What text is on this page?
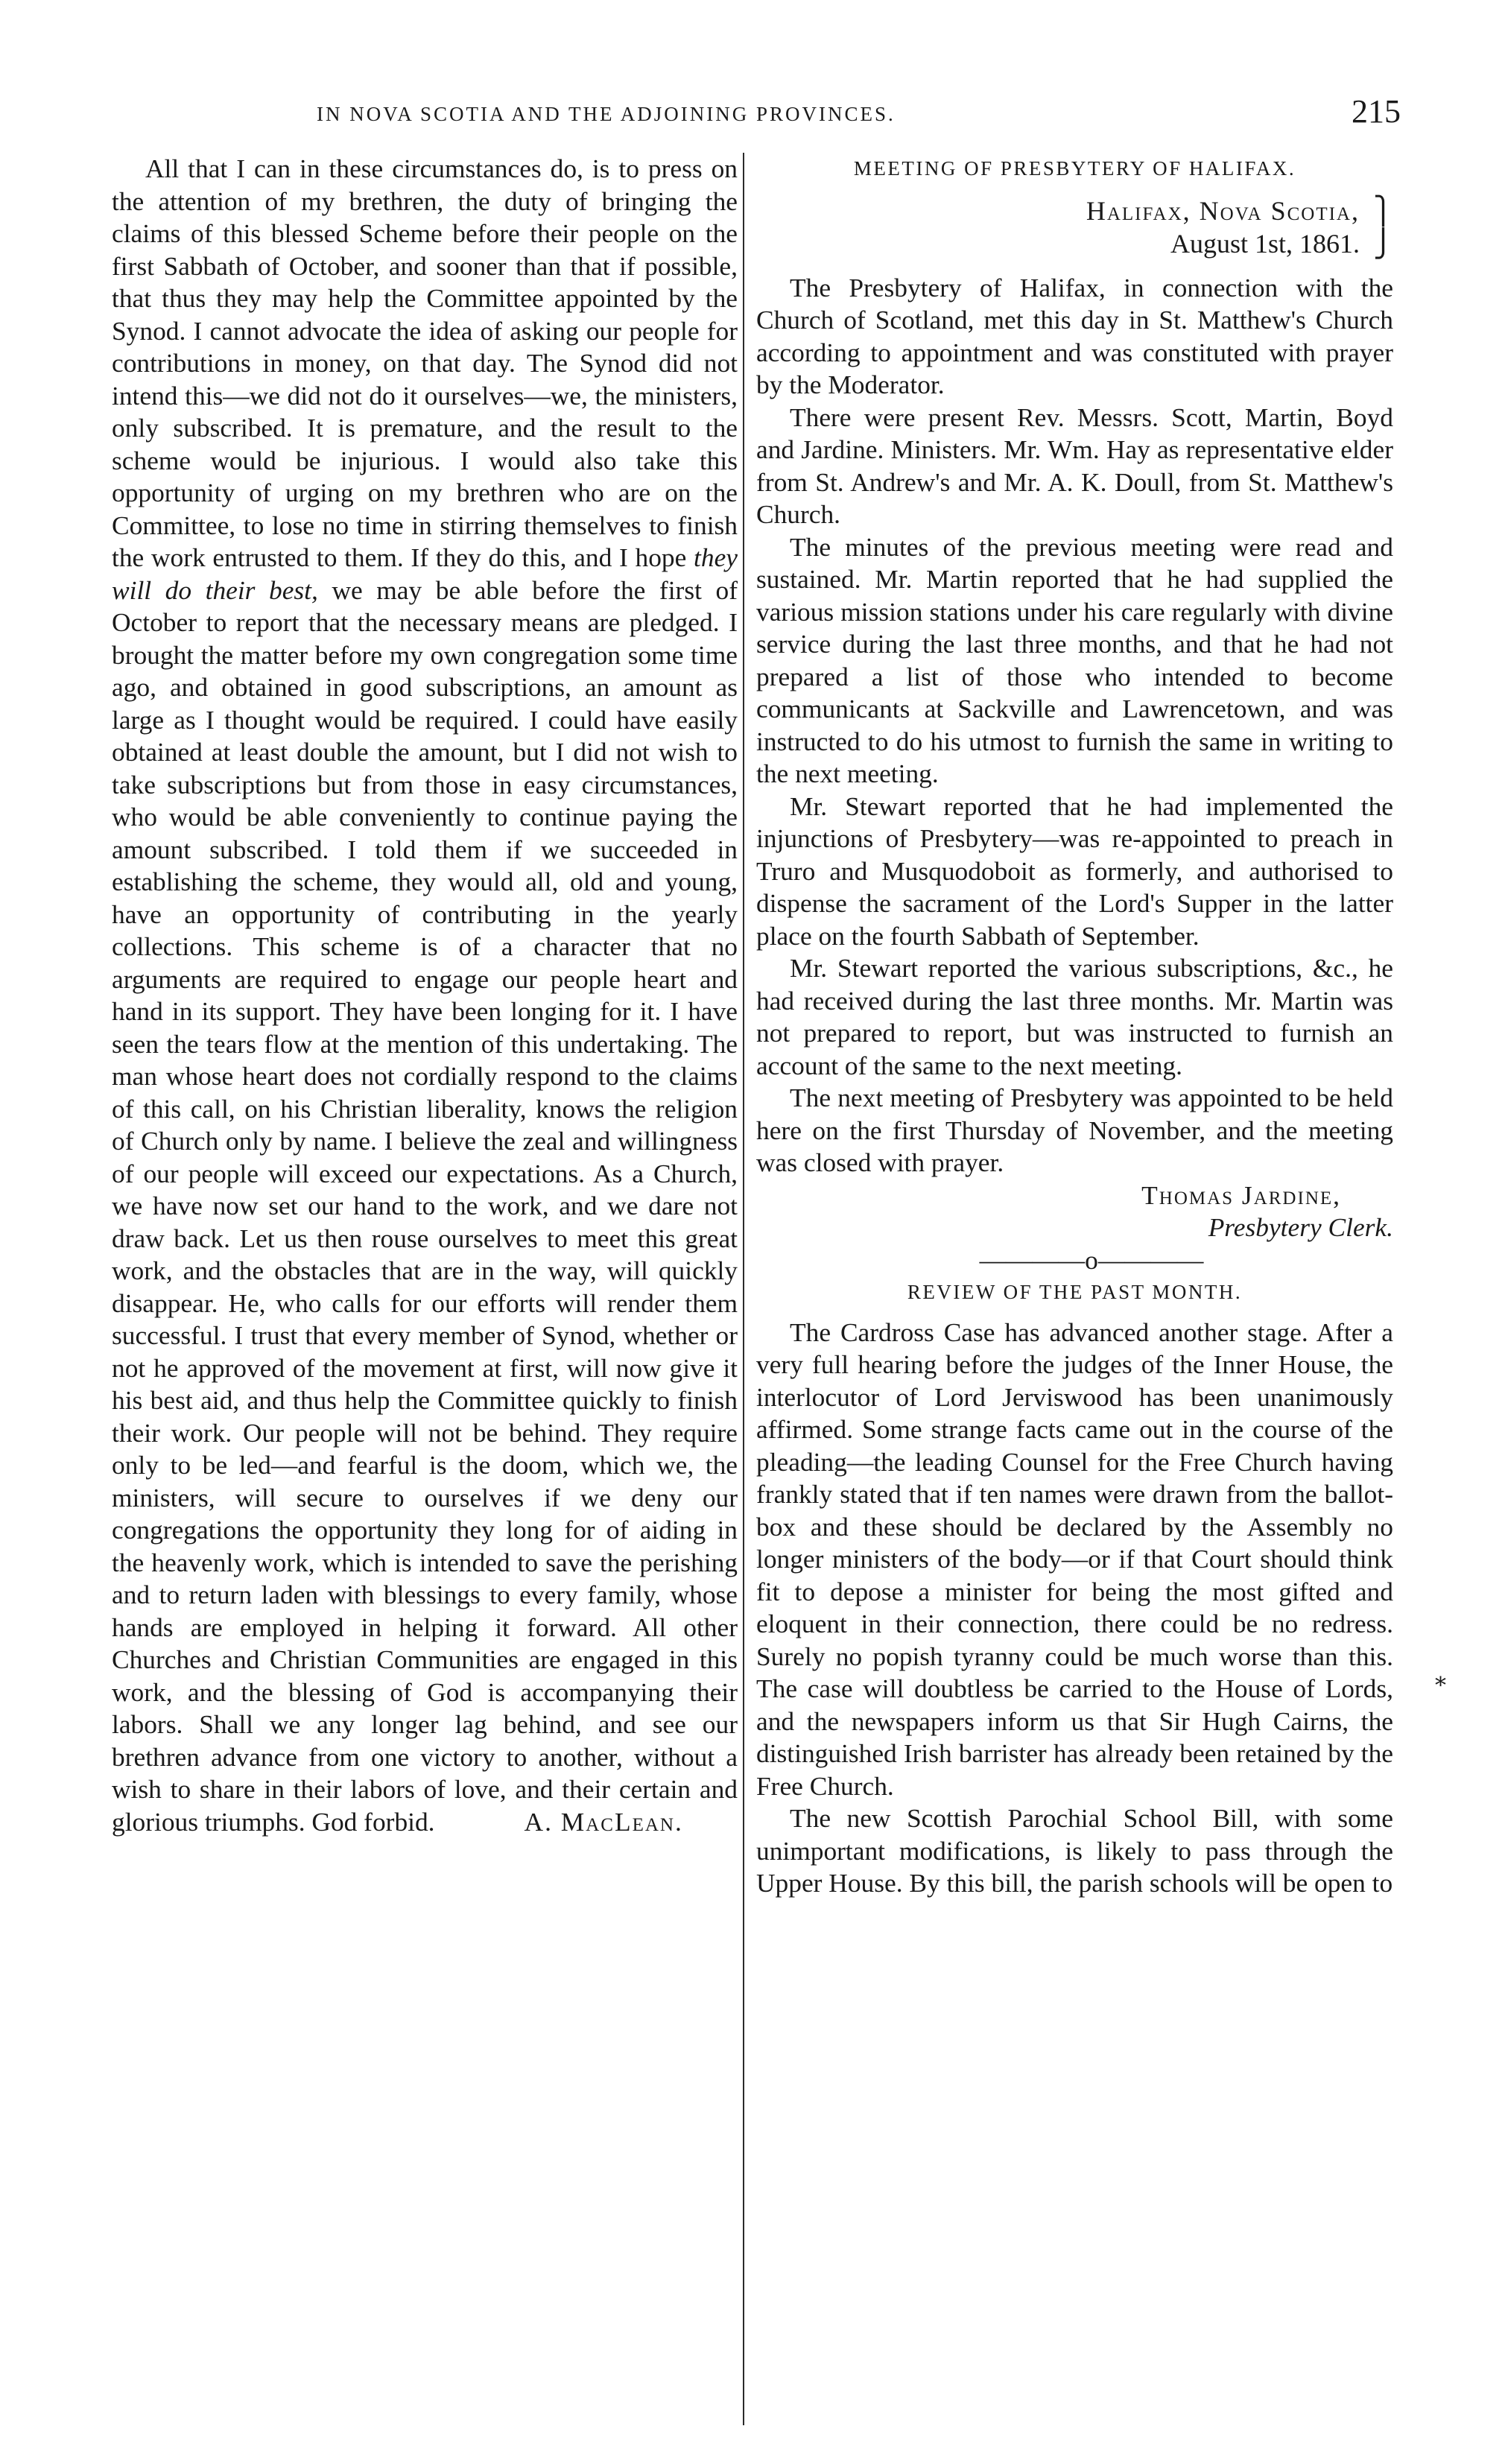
IN NOVA SCOTIA AND THE ADJOINING PROVINCES.	215

All that I can in these circumstances do, is to press on the attention of my brethren, the duty of bringing the claims of this blessed Scheme before their people on the first Sabbath of October, and sooner than that if possible, that thus they may help the Committee appointed by the Synod. I cannot advocate the idea of asking our people for contributions in money, on that day. The Synod did not intend this—we did not do it ourselves—we, the ministers, only subscribed. It is premature, and the result to the scheme would be injurious. I would also take this opportunity of urging on my brethren who are on the Committee, to lose no time in stirring themselves to finish the work entrusted to them. If they do this, and I hope they will do their best, we may be able before the first of October to report that the necessary means are pledged. I brought the matter before my own congregation some time ago, and obtained in good subscriptions, an amount as large as I thought would be required. I could have easily obtained at least double the amount, but I did not wish to take subscriptions but from those in easy circumstances, who would be able conveniently to continue paying the amount subscribed. I told them if we succeeded in establishing the scheme, they would all, old and young, have an opportunity of contributing in the yearly collections. This scheme is of a character that no arguments are required to engage our people heart and hand in its support. They have been longing for it. I have seen the tears flow at the mention of this undertaking. The man whose heart does not cordially respond to the claims of this call, on his Christian liberality, knows the religion of Church only by name. I believe the zeal and willingness of our people will exceed our expectations. As a Church, we have now set our hand to the work, and we dare not draw back. Let us then rouse ourselves to meet this great work, and the obstacles that are in the way, will quickly disappear. He, who calls for our efforts will render them successful. I trust that every member of Synod, whether or not he approved of the movement at first, will now give it his best aid, and thus help the Committee quickly to finish their work. Our people will not be behind. They require only to be led—and fearful is the doom, which we, the ministers, will secure to ourselves if we deny our congregations the opportunity they long for of aiding in the heavenly work, which is intended to save the perishing and to return laden with blessings to every family, whose hands are employed in helping it forward. All other Churches and Christian Communities are engaged in this work, and the blessing of God is accompanying their labors. Shall we any longer lag behind, and see our brethren advance from one victory to another, without a wish to share in their labors of love, and their certain and glorious triumphs. God forbid.	A. MacLean.

MEETING OF PRESBYTERY OF HALIFAX.

Halifax, Nova Scotia,  ⎫
August 1st, 1861.  ⎭

The Presbytery of Halifax, in connection with the Church of Scotland, met this day in St. Matthew's Church according to appointment and was constituted with prayer by the Moderator.

There were present Rev. Messrs. Scott, Martin, Boyd and Jardine. Ministers. Mr. Wm. Hay as representative elder from St. Andrew's and Mr. A. K. Doull, from St. Matthew's Church.

The minutes of the previous meeting were read and sustained. Mr. Martin reported that he had supplied the various mission stations under his care regularly with divine service during the last three months, and that he had not prepared a list of those who intended to become communicants at Sackville and Lawrencetown, and was instructed to do his utmost to furnish the same in writing to the next meeting.

Mr. Stewart reported that he had implemented the injunctions of Presbytery—was re-appointed to preach in Truro and Musquodoboit as formerly, and authorised to dispense the sacrament of the Lord's Supper in the latter place on the fourth Sabbath of September.

Mr. Stewart reported the various subscriptions, &c., he had received during the last three months. Mr. Martin was not prepared to report, but was instructed to furnish an account of the same to the next meeting.

The next meeting of Presbytery was appointed to be held here on the first Thursday of November, and the meeting was closed with prayer.

Thomas Jardine,

Presbytery Clerk.

————o————

REVIEW OF THE PAST MONTH.

The Cardross Case has advanced another stage. After a very full hearing before the judges of the Inner House, the interlocutor of Lord Jerviswood has been unanimously affirmed. Some strange facts came out in the course of the pleading—the leading Counsel for the Free Church having frankly stated that if ten names were drawn from the ballot-box and these should be declared by the Assembly no longer ministers of the body—or if that Court should think fit to depose a minister for being the most gifted and eloquent in their connection, there could be no redress. Surely no popish tyranny could be much worse than this. The case will doubtless be carried to the House of Lords, and the newspapers inform us that Sir Hugh Cairns, the distinguished Irish barrister has already been retained by the Free Church.

The new Scottish Parochial School Bill, with some unimportant modifications, is likely to pass through the Upper House. By this bill, the parish schools will be open to

*
